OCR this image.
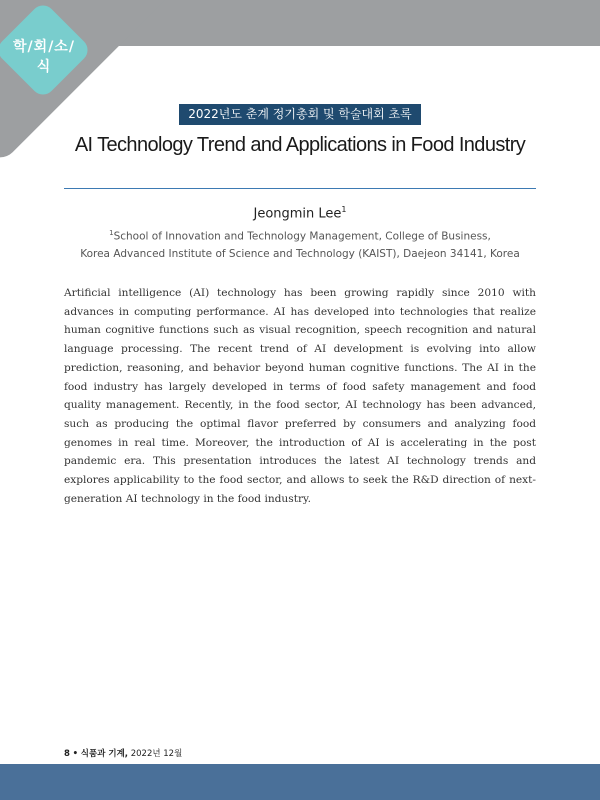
학/회/소/식
2022년도 춘계 정기총회 및 학술대회 초록
AI Technology Trend and Applications in Food Industry
Jeongmin Lee$^1$
$^1$School of Innovation and Technology Management, College of Business,
Korea Advanced Institute of Science and Technology (KAIST), Daejeon 34141, Korea

Artificial intelligence (AI) technology has been growing rapidly since 2010 with advances in computing performance. AI has developed into technologies that realize human cognitive functions such as visual recognition, speech recognition and natural language processing. The recent trend of AI development is evolving into allow prediction, reasoning, and behavior beyond human cognitive functions. The AI in the food industry has largely developed in terms of food safety management and food quality management. Recently, in the food sector, AI technology has been advanced, such as producing the optimal flavor preferred by consumers and analyzing food genomes in real time. Moreover, the introduction of AI is accelerating in the post pandemic era. This presentation introduces the latest AI technology trends and explores applicability to the food sector, and allows to seek the R&D direction of next-generation AI technology in the food industry.

8 • 식품과 기계, 2022년 12월
